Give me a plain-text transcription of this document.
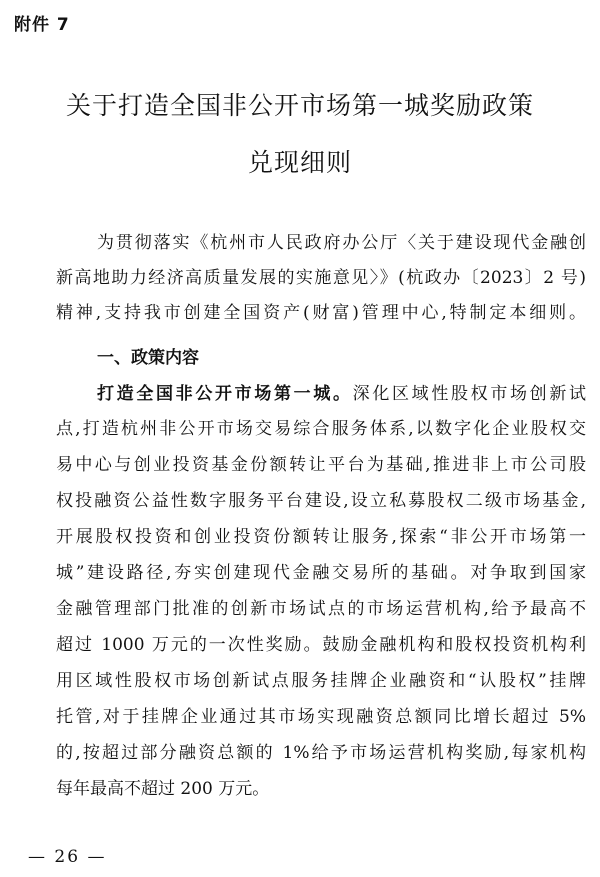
附件 7
关于打造全国非公开市场第一城奖励政策
兑现细则
为贯彻落实《杭州市人民政府办公厅〈关于建设现代金融创
新高地助力经济高质量发展的实施意见〉》(杭政办〔2023〕2 号)
精神,支持我市创建全国资产(财富)管理中心,特制定本细则。
一、政策内容
打造全国非公开市场第一城。深化区域性股权市场创新试
点,打造杭州非公开市场交易综合服务体系,以数字化企业股权交
易中心与创业投资基金份额转让平台为基础,推进非上市公司股
权投融资公益性数字服务平台建设,设立私募股权二级市场基金,
开展股权投资和创业投资份额转让服务,探索“非公开市场第一
城”建设路径,夯实创建现代金融交易所的基础。对争取到国家
金融管理部门批准的创新市场试点的市场运营机构,给予最高不
超过 1000 万元的一次性奖励。鼓励金融机构和股权投资机构利
用区域性股权市场创新试点服务挂牌企业融资和“认股权”挂牌
托管,对于挂牌企业通过其市场实现融资总额同比增长超过 5%
的,按超过部分融资总额的 1%给予市场运营机构奖励,每家机构
每年最高不超过 200 万元。
— 26 —
